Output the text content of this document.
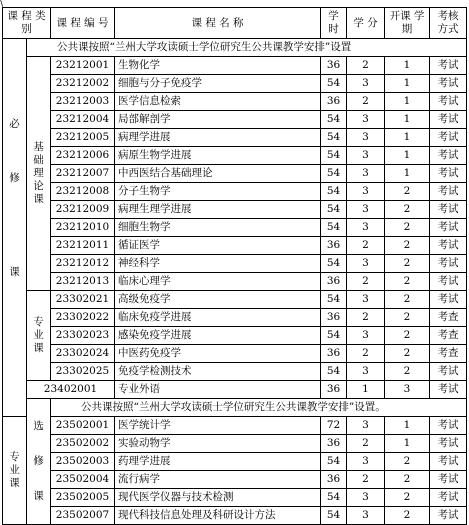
\
课 程 类 别		课 程 编 号	课 程 名 称	学 时	学 分	开课 学期	考核 方式

必
修
课	公共课按照“兰州大学攻读硕士学位研究生公共课教学安排”设置						

	基
础
理
论
课	23212001	生物化学	36	2	1	考试
		23212002	细胞与分子免疫学	54	3	1	考试
		23212003	医学信息检索	36	2	1	考试
		23212004	局部解剖学	54	3	1	考试
		23212005	病理学进展	54	3	1	考试
		23212006	病原生物学进展	54	3	1	考试
		23212007	中西医结合基础理论	54	3	1	考试
		23212008	分子生物学	54	3	2	考试
		23212009	病理生理学进展	54	3	2	考试
		23212010	细胞生物学	54	3	2	考试
		23212011	循证医学	36	2	2	考试
		23212012	神经科学	54	3	2	考试
		23212013	临床心理学	36	2	2	考试

	专
业
课	23302021	高级免疫学	54	3	2	考试
		23302022	临床免疫学进展	36	2	2	考查
		23302023	感染免疫学进展	54	3	2	考查
		23302024	中医药免疫学	36	2	2	考查
		23302025	免疫学检测技术	54	3	2	考试
	23402001		专业外语	36	1	3	考试

	选
修
课	公共课按照“兰州大学攻读硕士学位研究生公共课教学安排”设置。					

专
业
课		23502001	医学统计学	72	3	1	考试
		23502002	实验动物学	36	2	1	考试
		23502003	药理学进展	54	3	2	考试
		23502004	流行病学	36	2	2	考试
		23502005	现代医学仪器与技术检测	54	3	2	考试
		23502007	现代科技信息处理及科研设计方法	54	3	2	考试
